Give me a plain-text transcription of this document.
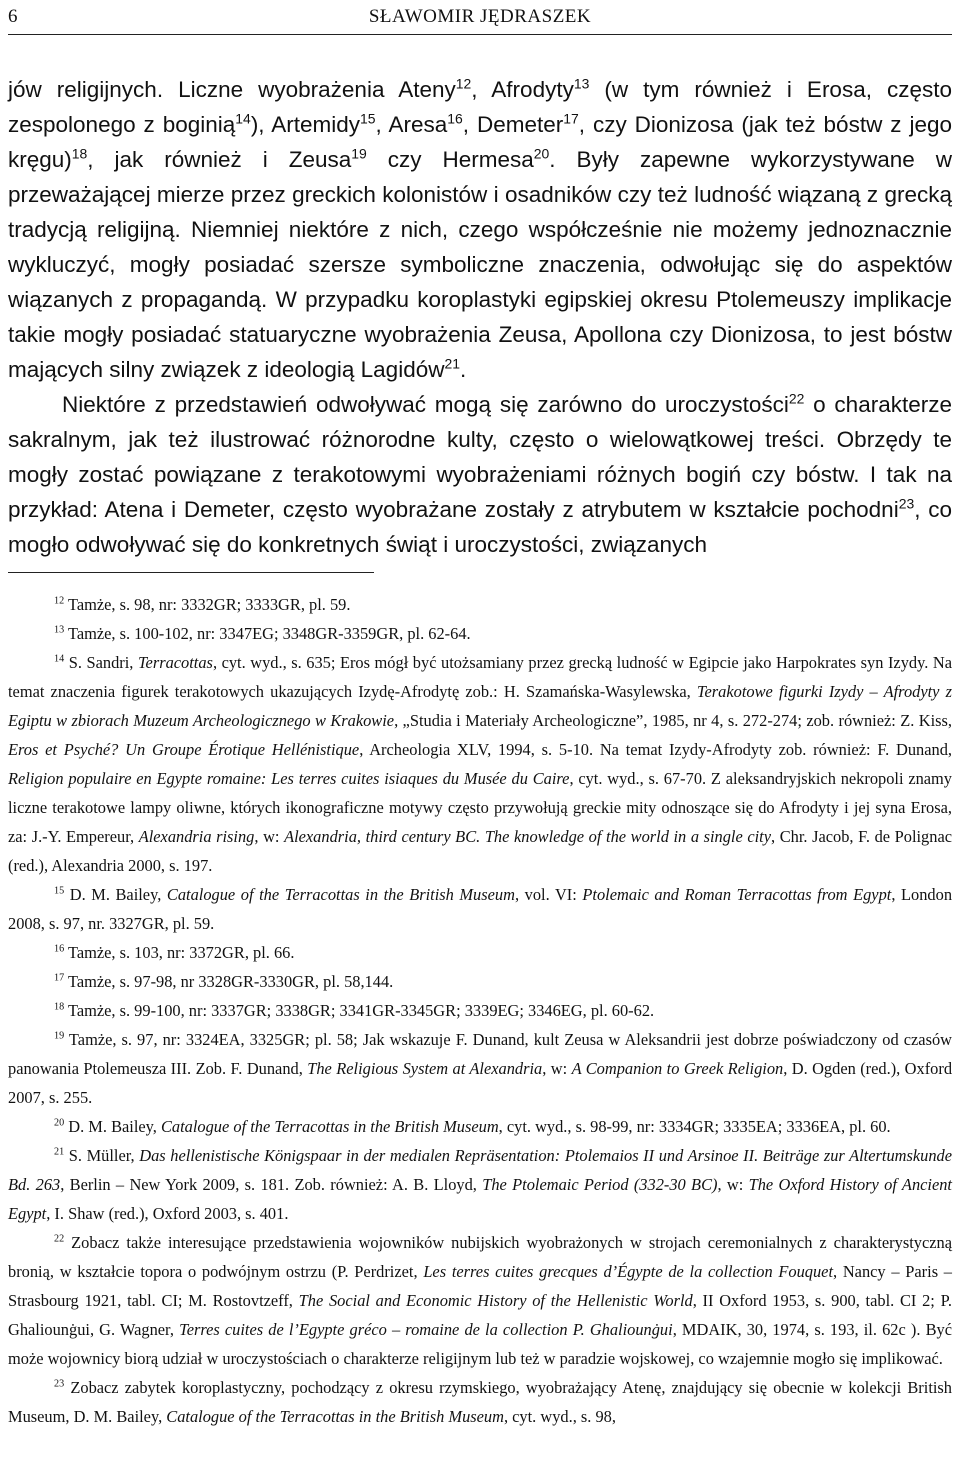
6	SŁAWOMIR JĘDRASZEK

jów religijnych. Liczne wyobrażenia Ateny$^{12}$, Afrodyty$^{13}$ (w tym również i Erosa, często zespolonego z boginią$^{14}$), Artemidy$^{15}$, Aresa$^{16}$, Demeter$^{17}$, czy Dionizosa (jak też bóstw z jego kręgu)$^{18}$, jak również i Zeusa$^{19}$ czy Hermesa$^{20}$. Były zapewne wykorzystywane w przeważającej mierze przez greckich kolonistów i osadników czy też ludność wiązaną z grecką tradycją religijną. Niemniej niektóre z nich, czego współcześnie nie możemy jednoznacznie wykluczyć, mogły posiadać szersze symboliczne znaczenia, odwołując się do aspektów wiązanych z propagandą. W przypadku koroplastyki egipskiej okresu Ptolemeuszy implikacje takie mogły posiadać statuaryczne wyobrażenia Zeusa, Apollona czy Dionizosa, to jest bóstw mających silny związek z ideologią Lagidów$^{21}$.

Niektóre z przedstawień odwoływać mogą się zarówno do uroczystości$^{22}$ o charakterze sakralnym, jak też ilustrować różnorodne kulty, często o wielowątkowej treści. Obrzędy te mogły zostać powiązane z terakotowymi wyobrażeniami różnych bogiń czy bóstw. I tak na przykład: Atena i Demeter, często wyobrażane zostały z atrybutem w kształcie pochodni$^{23}$, co mogło odwoływać się do konkretnych świąt i uroczystości, związanych

$^{12}$ Tamże, s. 98, nr: 3332GR; 3333GR, pl. 59.

$^{13}$ Tamże, s. 100-102, nr: 3347EG; 3348GR-3359GR, pl. 62-64.

$^{14}$ S. Sandri, Terracottas, cyt. wyd., s. 635; Eros mógł być utożsamiany przez grecką ludność w Egipcie jako Harpokrates syn Izydy. Na temat znaczenia figurek terakotowych ukazujących Izydę-Afrodytę zob.: H. Szamańska-Wasylewska, Terakotowe figurki Izydy – Afrodyty z Egiptu w zbiorach Muzeum Archeologicznego w Krakowie, „Studia i Materiały Archeologiczne”, 1985, nr 4, s. 272-274; zob. również: Z. Kiss, Eros et Psyché? Un Groupe Érotique Hellénistique, Archeologia XLV, 1994, s. 5-10. Na temat Izydy-Afrodyty zob. również: F. Dunand, Religion populaire en Egypte romaine: Les terres cuites isiaques du Musée du Caire, cyt. wyd., s. 67-70. Z aleksandryjskich nekropoli znamy liczne terakotowe lampy oliwne, których ikonograficzne motywy często przywołują greckie mity odnoszące się do Afrodyty i jej syna Erosa, za: J.-Y. Empereur, Alexandria rising, w: Alexandria, third century BC. The knowledge of the world in a single city, Chr. Jacob, F. de Polignac (red.), Alexandria 2000, s. 197.

$^{15}$ D. M. Bailey, Catalogue of the Terracottas in the British Museum, vol. VI: Ptolemaic and Roman Terracottas from Egypt, London 2008, s. 97, nr. 3327GR, pl. 59.

$^{16}$ Tamże, s. 103, nr: 3372GR, pl. 66.

$^{17}$ Tamże, s. 97-98, nr 3328GR-3330GR, pl. 58,144.

$^{18}$ Tamże, s. 99-100, nr: 3337GR; 3338GR; 3341GR-3345GR; 3339EG; 3346EG, pl. 60-62.

$^{19}$ Tamże, s. 97, nr: 3324EA, 3325GR; pl. 58; Jak wskazuje F. Dunand, kult Zeusa w Aleksandrii jest dobrze poświadczony od czasów panowania Ptolemeusza III. Zob. F. Dunand, The Religious System at Alexandria, w: A Companion to Greek Religion, D. Ogden (red.), Oxford 2007, s. 255.

$^{20}$ D. M. Bailey, Catalogue of the Terracottas in the British Museum, cyt. wyd., s. 98-99, nr: 3334GR; 3335EA; 3336EA, pl. 60.

$^{21}$ S. Müller, Das hellenistische Königspaar in der medialen Repräsentation: Ptolemaios II und Arsinoe II. Beiträge zur Altertumskunde Bd. 263, Berlin – New York 2009, s. 181. Zob. również: A. B. Lloyd, The Ptolemaic Period (332-30 BC), w: The Oxford History of Ancient Egypt, I. Shaw (red.), Oxford 2003, s. 401.

$^{22}$ Zobacz także interesujące przedstawienia wojowników nubijskich wyobrażonych w strojach ceremonialnych z charakterystyczną bronią, w kształcie topora o podwójnym ostrzu (P. Perdrizet, Les terres cuites grecques d’Égypte de la collection Fouquet, Nancy – Paris – Strasbourg 1921, tabl. CI; M. Rostovtzeff, The Social and Economic History of the Hellenistic World, II Oxford 1953, s. 900, tabl. CI 2; P. Ghaliounġui, G. Wagner, Terres cuites de l’Egypte gréco – romaine de la collection P. Ghaliounġui, MDAIK, 30, 1974, s. 193, il. 62c ). Być może wojownicy biorą udział w uroczystościach o charakterze religijnym lub też w paradzie wojskowej, co wzajemnie mogło się implikować.

$^{23}$ Zobacz zabytek koroplastyczny, pochodzący z okresu rzymskiego, wyobrażający Atenę, znajdujący się obecnie w kolekcji British Museum, D. M. Bailey, Catalogue of the Terracottas in the British Museum, cyt. wyd., s. 98,
